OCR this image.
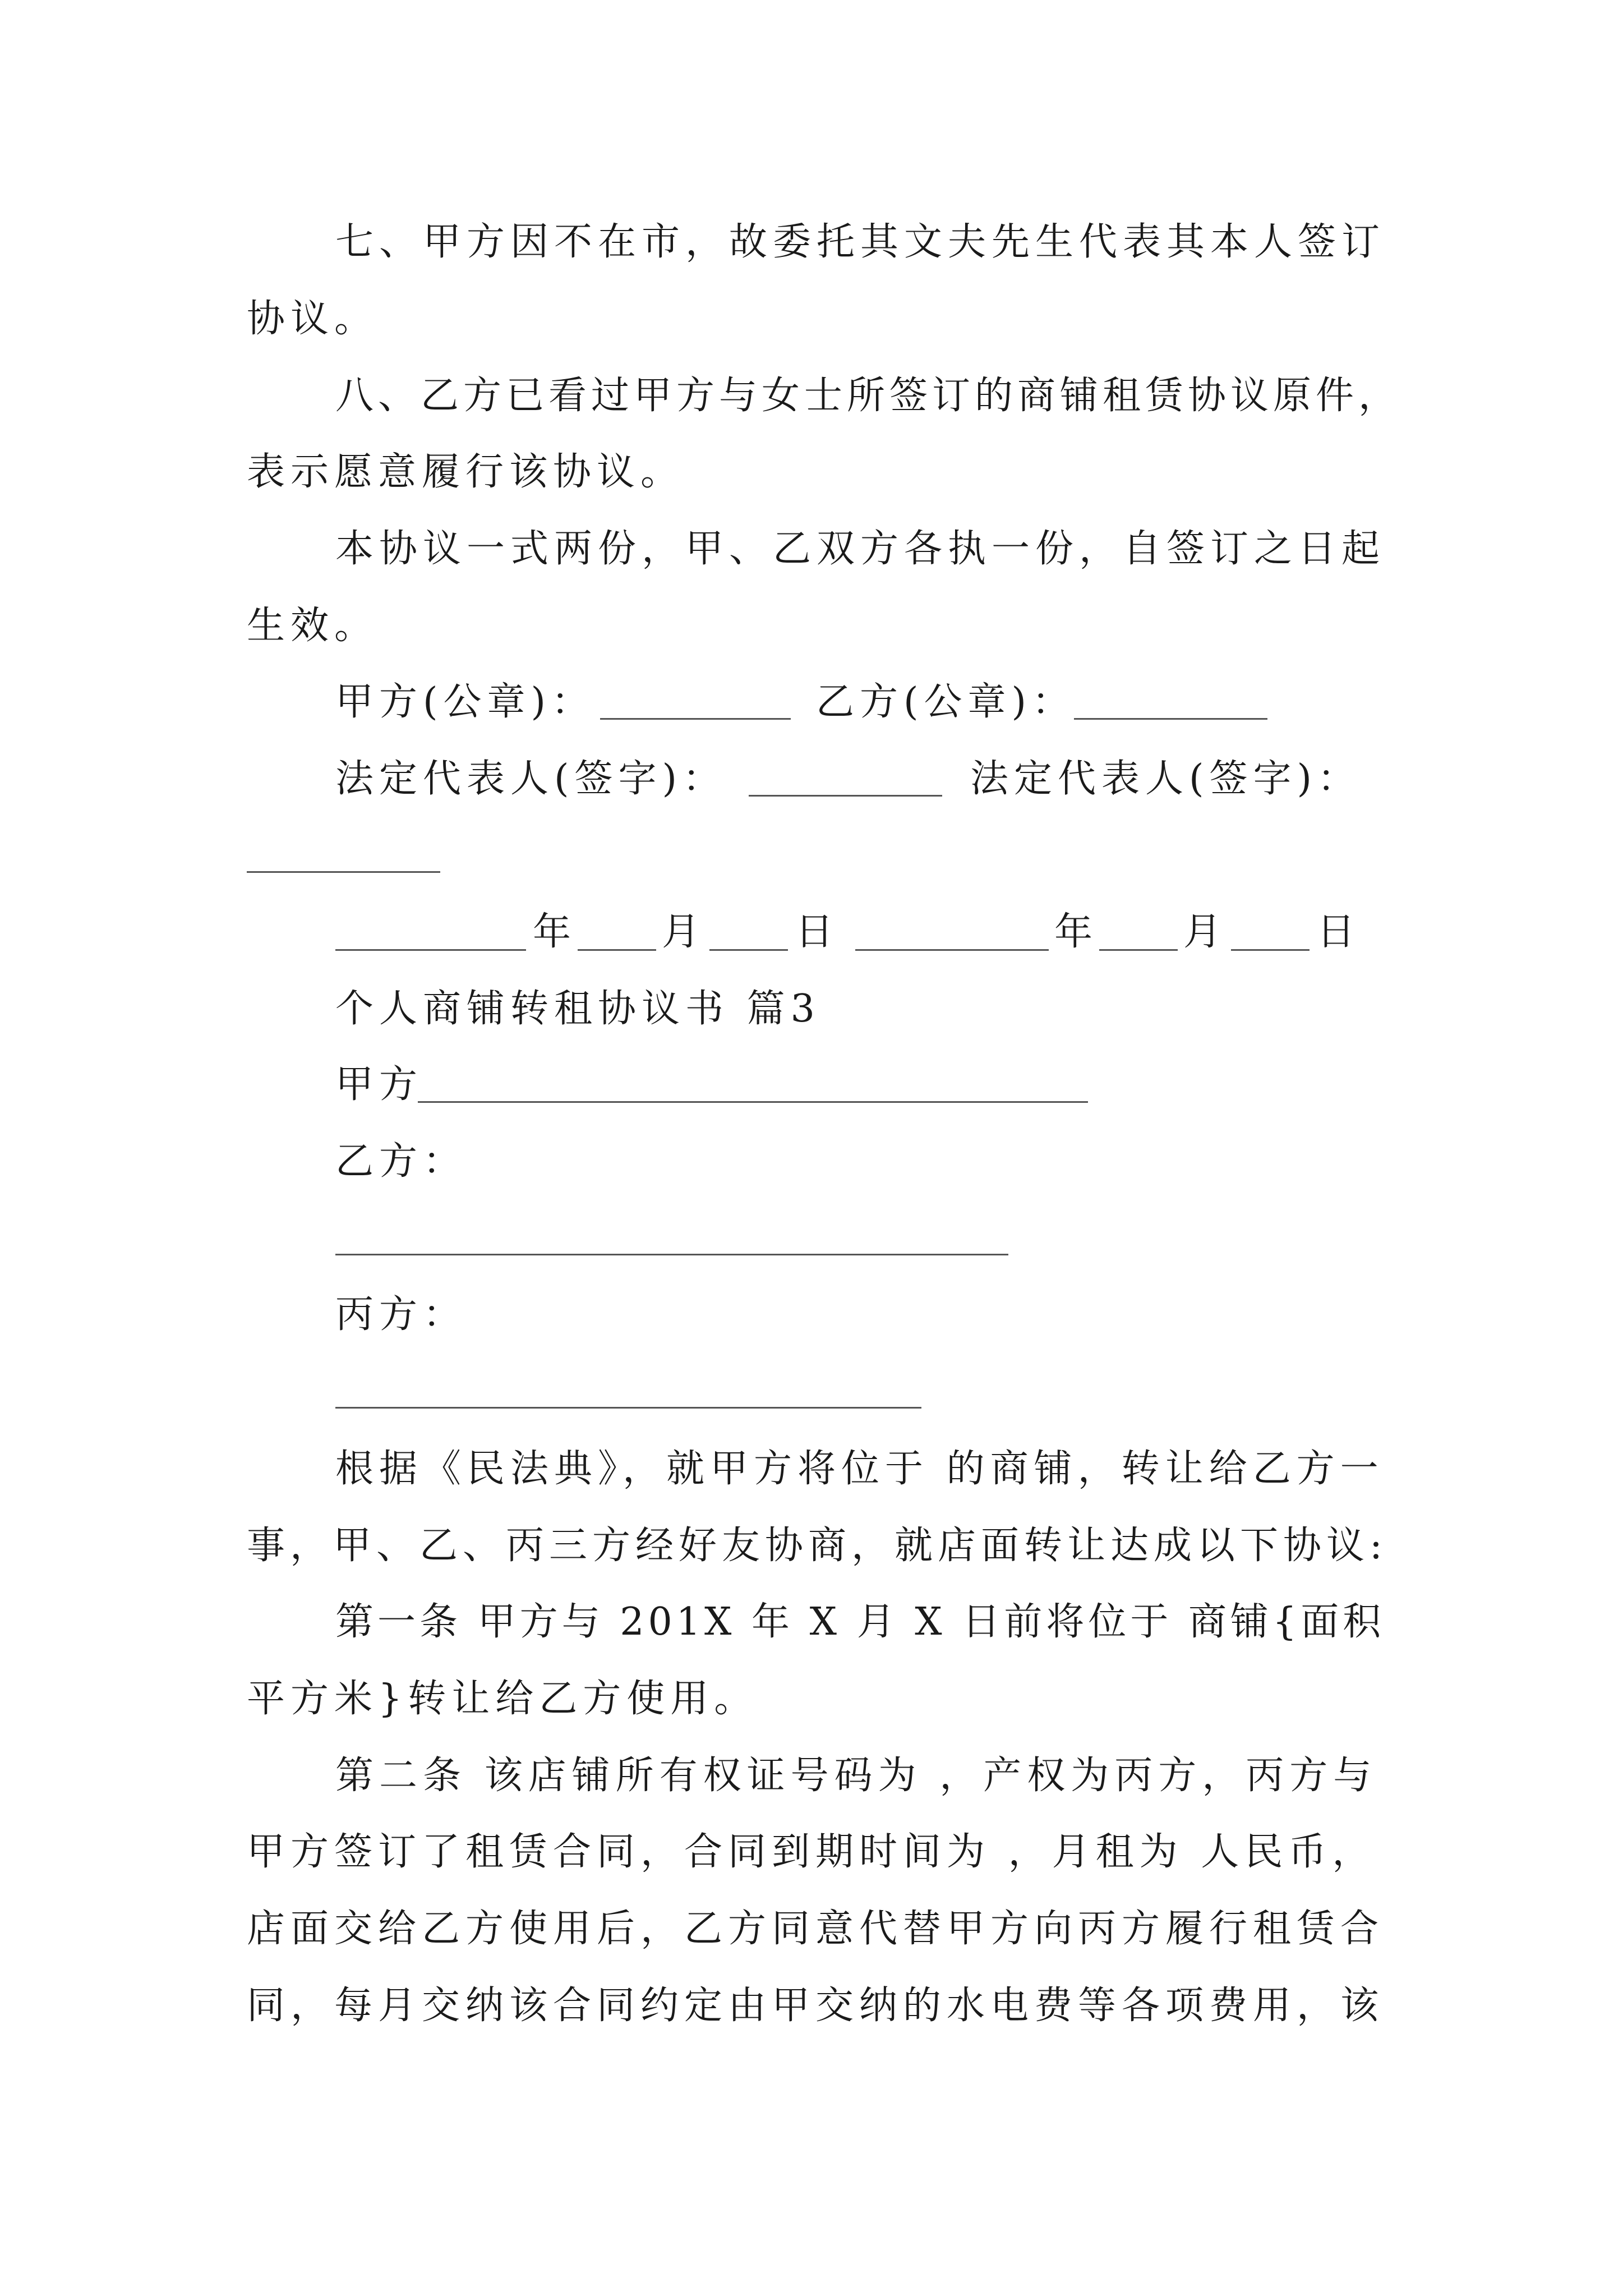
七、甲方因不在市，故委托其文夫先生代表其本人签订
协议。
八、乙方已看过甲方与女士所签订的商铺租赁协议原件，
表示愿意履行该协议。
本协议一式两份，甲、乙双方各执一份，自签订之日起
生效。
甲方(公章)：	乙方(公章)：
法定代表人(签字)：	法定代表人(签字)：
年 月 日	年 月 日
个人商铺转租协议书 篇3
甲方
乙方：
丙方：
根据《民法典》，就甲方将位于 的商铺，转让给乙方一
事，甲、乙、丙三方经好友协商，就店面转让达成以下协议:
第一条 甲方与 201X 年 X 月 X 日前将位于 商铺{面积
平方米}转让给乙方使用。
第二条 该店铺所有权证号码为 ，产权为丙方，丙方与
甲方签订了租赁合同，合同到期时间为 ，月租为 人民币，
店面交给乙方使用后，乙方同意代替甲方向丙方履行租赁合
同，每月交纳该合同约定由甲交纳的水电费等各项费用，该
